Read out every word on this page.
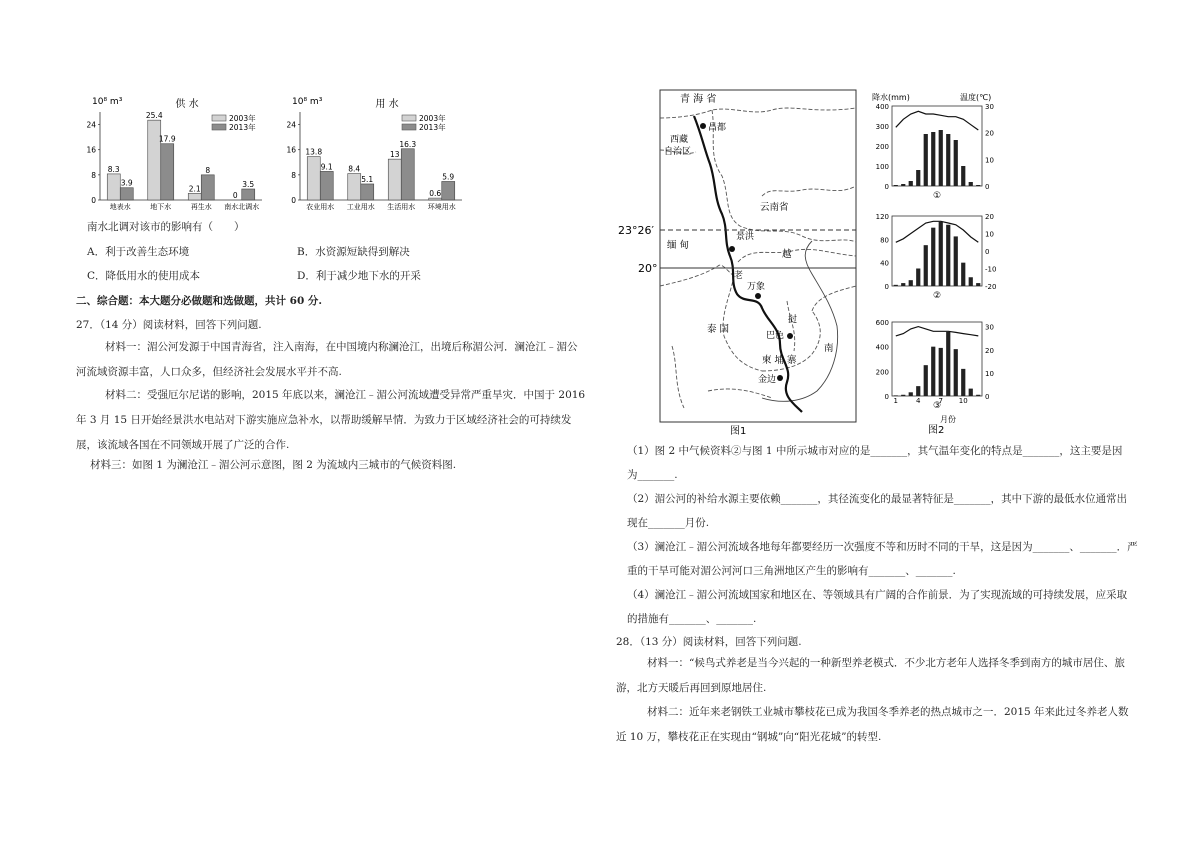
10⁸ m³	供 水
2003年
2013年
0
8
16
24
8.3
3.9
地表水
25.4
17.9
地下水
2.1
8
再生水
0
3.5
南水北调水
10⁸ m³	用 水
2003年
2013年
0
8
16
24
13.8
9.1
农业用水
8.4
5.1
工业用水
13
16.3
生活用水
0.6
5.9
环境用水
南水北调对该市的影响有（　　）
A．利于改善生态环境	B．水资源短缺得到解决
C．降低用水的使用成本	D．利于减少地下水的开采
二、综合题：本大题分必做题和选做题，共计 60 分.
27．（14 分）阅读材料，回答下列问题.
材料一：湄公河发源于中国青海省，注入南海，在中国境内称澜沧江，出境后称湄公河．澜沧江﹣湄公河流域资源丰富，人口众多，但经济社会发展水平并不高.
材料二：受强厄尔尼诺的影响，2015 年底以来，澜沧江﹣湄公河流域遭受异常严重旱灾．中国于 2016 年 3 月 15 日开始经景洪水电站对下游实施应急补水，以帮助缓解旱情．为致力于区域经济社会的可持续发展，该流域各国在不同领域开展了广泛的合作.
材料三：如图 1 为澜沧江﹣湄公河示意图，图 2 为流域内三城市的气候资料图.
青 海 省
昌都
西藏
自治区
云南省
景洪
缅 甸
越
老
万象
泰 国
挝
巴色
柬 埔 寨
南
金边
23°26′
20°
图1
降水(mm)	温度(℃)
0
100
200
300
400
0
10
20
30
①
0
40
80
120
-20
-10
0
10
20
②
0
200
400
600
0
10
20
30
③
1	4	7 10
月份
图2
（1）图 2 中气候资料②与图 1 中所示城市对应的是_______，其气温年变化的特点是_______，这主要是因
为_______.
（2）湄公河的补给水源主要依赖_______，其径流变化的最显著特征是_______，其中下游的最低水位通常出
现在_______月份.
（3）澜沧江﹣湄公河流域各地每年都要经历一次强度不等和历时不同的干旱，这是因为_______、_______．严
重的干旱可能对湄公河河口三角洲地区产生的影响有_______、_______.
（4）澜沧江﹣湄公河流域国家和地区在、等领域具有广阔的合作前景．为了实现流域的可持续发展，应采取
的措施有_______、_______.
28．（13 分）阅读材料，回答下列问题.
材料一：“候鸟式养老是当今兴起的一种新型养老模式．不少北方老年人选择冬季到南方的城市居住、旅游，北方天暖后再回到原地居住.
材料二：近年来老钢铁工业城市攀枝花已成为我国冬季养老的热点城市之一．2015 年来此过冬养老人数近 10 万，攀枝花正在实现由“钢城”向“阳光花城”的转型.
